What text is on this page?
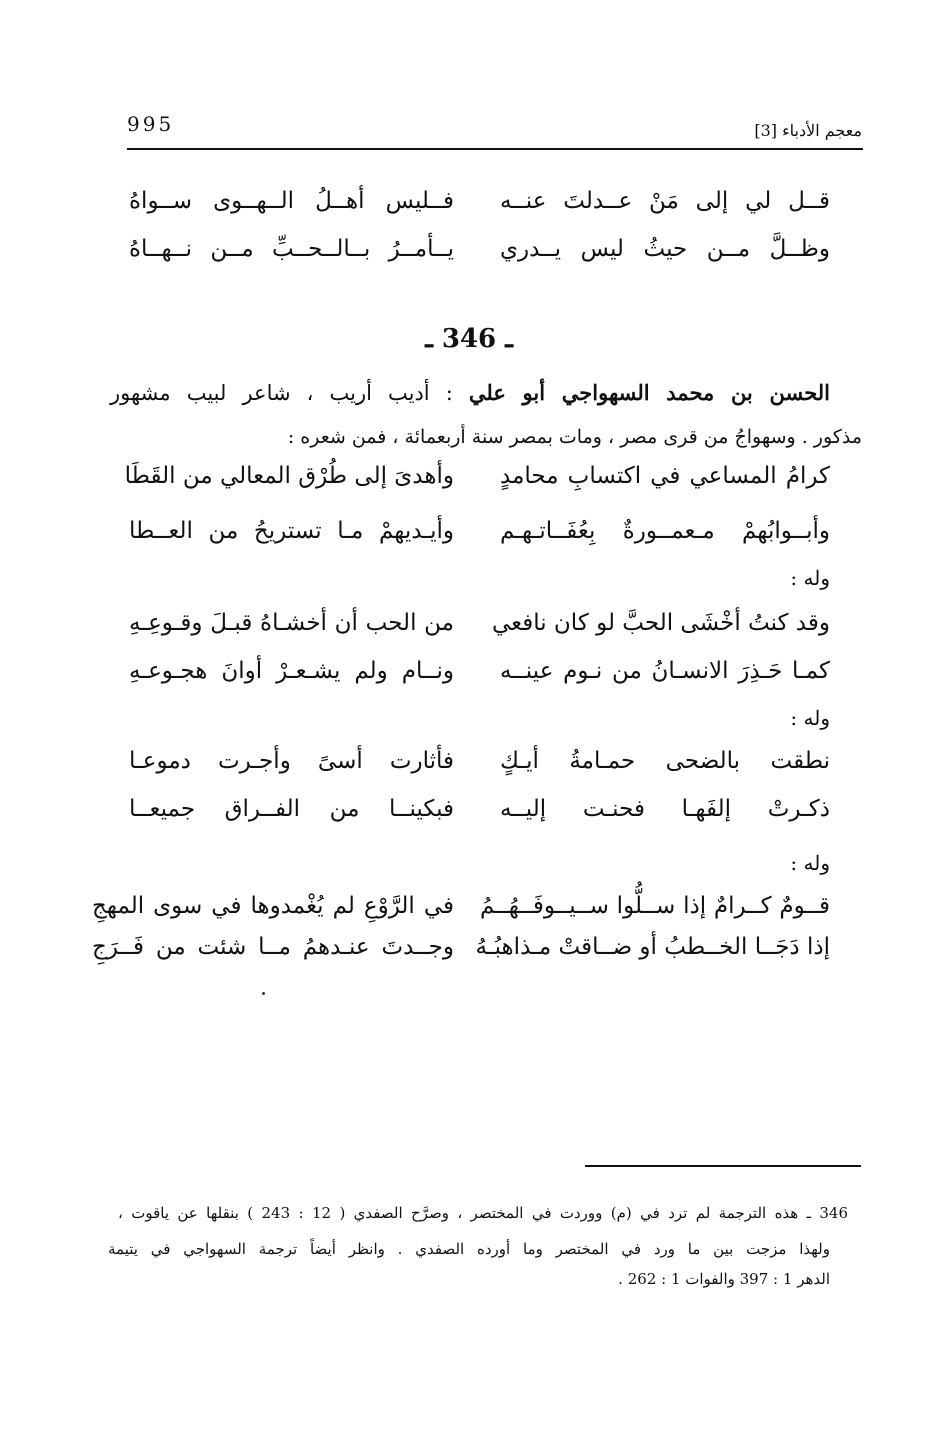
995	معجم الأدباء [3]
قــل لي إلى مَنْ عــدلتَ عنــه
فــليس أهــلُ الــهــوى ســواهُ
وظــلَّ مــن حيثُ ليس يــدري
يــأمــرُ بــالــحــبِّ مــن نــهــاهُ
ـ 346 ـ
الحسن بن محمد السهواجي أبو علي : أديب أريب ، شاعر لبيب مشهور
مذكور . وسهواجُ من قرى مصر ، ومات بمصر سنة أربعمائة ، فمن شعره :
كرامُ المساعي في اكتسابِ محامدٍ
وأهدىَ إلى طُرْق المعالي من القَطَا
وأبــوابُهمْ مـعمــورةٌ بِعُفَــاتـهـم
وأيـديهمْ مـا تستريحُ من العــطا
وله :
وقد كنتُ أخْشَى الحبَّ لو كان نافعي
من الحب أن أخشـاهُ قبـلَ وقـوعِـهِ
كمـا حَـذِرَ الانسـانُ من نـوم عينــه
ونــام ولم يشـعـرْ أوانَ هجـوعـهِ
وله :
نطقت بالضحى حمـامةُ أيـكٍ
فأثارت أسىً وأجـرت دموعـا
ذكـرتْ إلفَهـا فحنـت إليــه
فبكينــا من الفــراق جميعــا
وله :
قــومٌ كــرامٌ إذا ســلُّوا ســيــوفَــهُــمُ
في الرَّوْعِ لم يُغْمدوها في سوى المهجِ
إذا دَجَــا الخــطبُ أو ضــاقتْ مـذاهبُـهُ
وجــدتَ عنـدهمُ مــا شئت من فَــرَجِ
346 ـ هذه الترجمة لم ترد في (م) ووردت في المختصر ، وصرَّح الصفدي ( 12 : 243 ) بنقلها عن ياقوت ،
ولهذا مزجت بين ما ورد في المختصر وما أورده الصفدي . وانظر أيضاً ترجمة السهواجي في يتيمة
الدهر 1 : 397 والفوات 1 : 262 .
